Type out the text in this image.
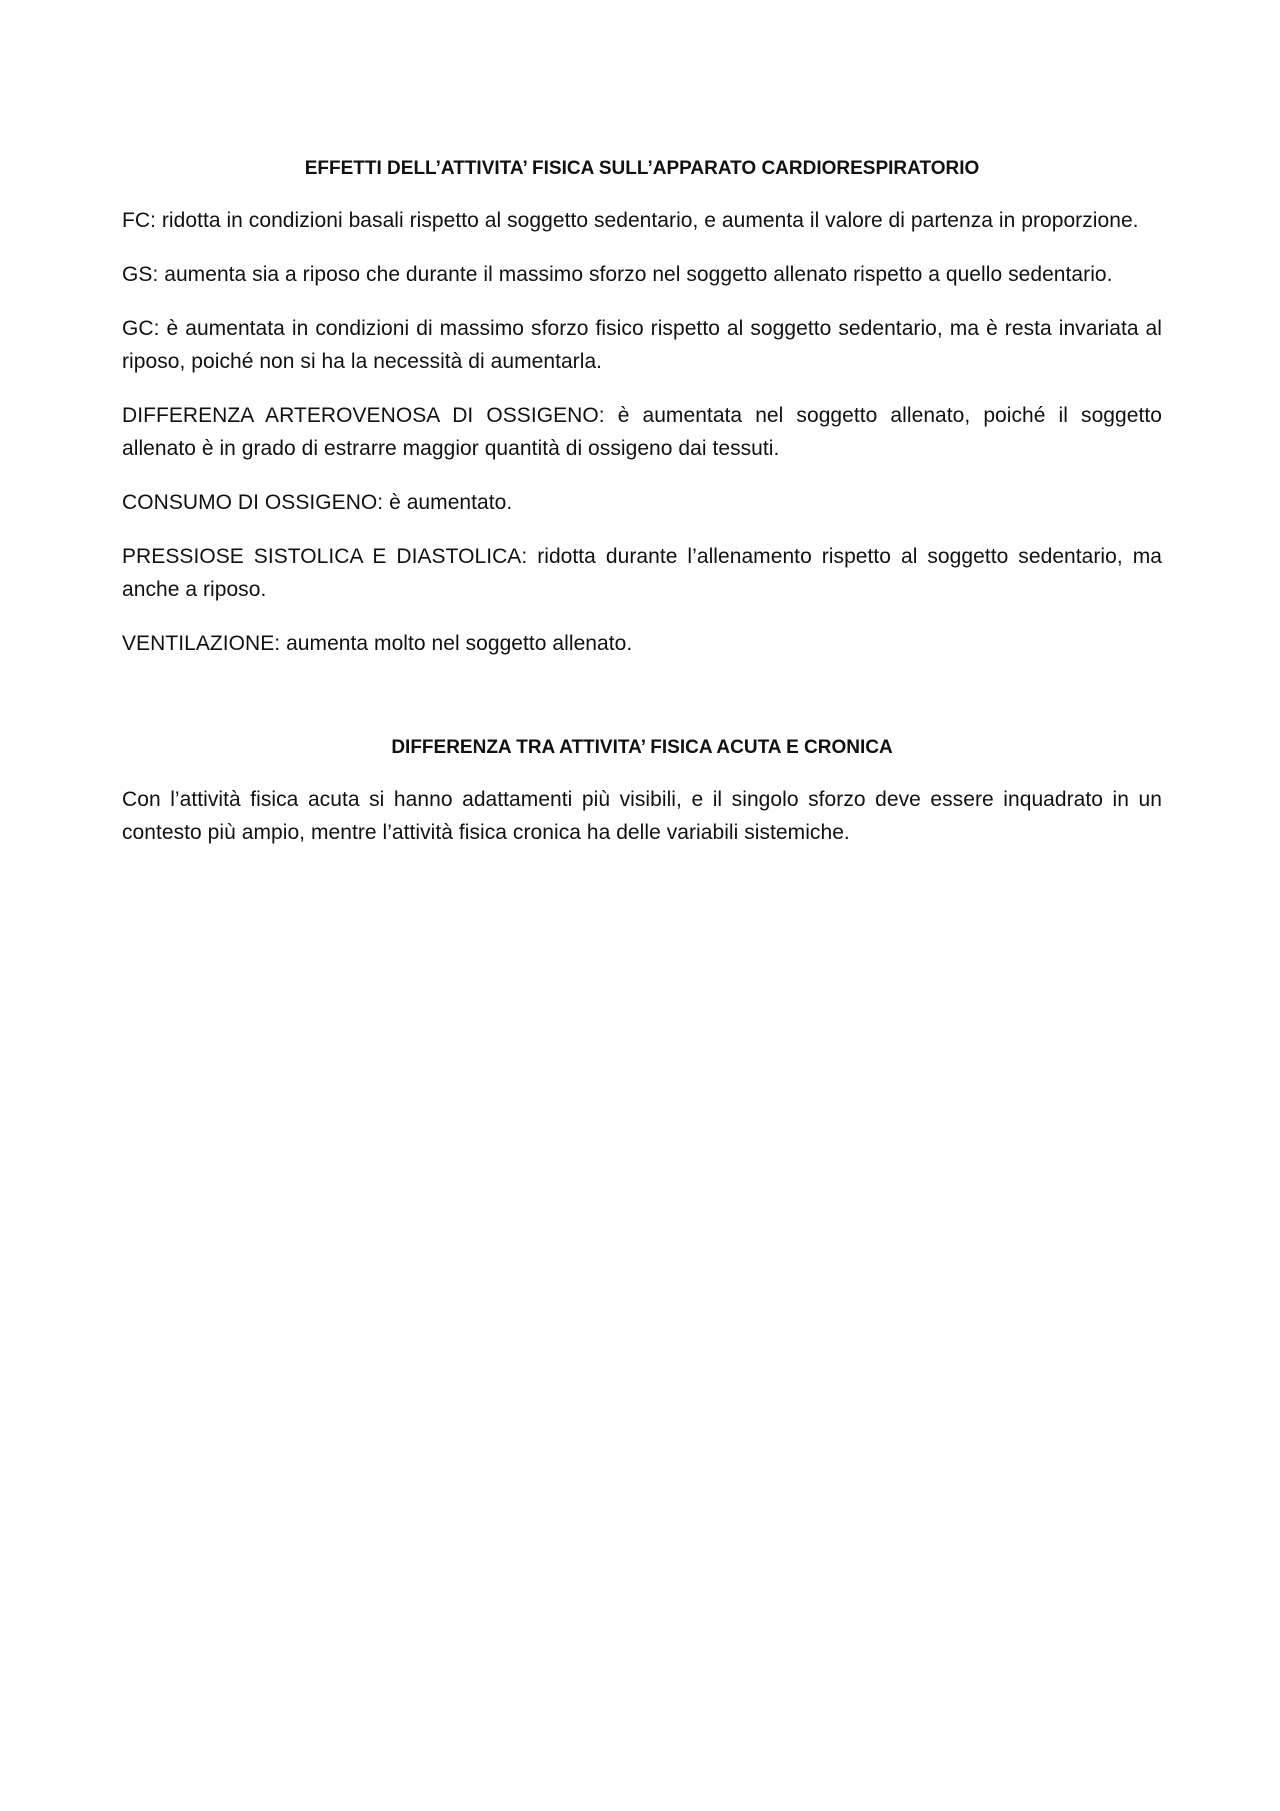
EFFETTI DELL’ATTIVITA’ FISICA SULL’APPARATO CARDIORESPIRATORIO

FC: ridotta in condizioni basali rispetto al soggetto sedentario, e aumenta il valore di partenza in proporzione.

GS: aumenta sia a riposo che durante il massimo sforzo nel soggetto allenato rispetto a quello sedentario.

GC: è aumentata in condizioni di massimo sforzo fisico rispetto al soggetto sedentario, ma è resta invariata al riposo, poiché non si ha la necessità di aumentarla.

DIFFERENZA ARTEROVENOSA DI OSSIGENO: è aumentata nel soggetto allenato, poiché il soggetto allenato è in grado di estrarre maggior quantità di ossigeno dai tessuti.

CONSUMO DI OSSIGENO: è aumentato.

PRESSIOSE SISTOLICA E DIASTOLICA: ridotta durante l’allenamento rispetto al soggetto sedentario, ma anche a riposo.

VENTILAZIONE: aumenta molto nel soggetto allenato.

DIFFERENZA TRA ATTIVITA’ FISICA ACUTA E CRONICA

Con l’attività fisica acuta si hanno adattamenti più visibili, e il singolo sforzo deve essere inquadrato in un contesto più ampio, mentre l’attività fisica cronica ha delle variabili sistemiche.
